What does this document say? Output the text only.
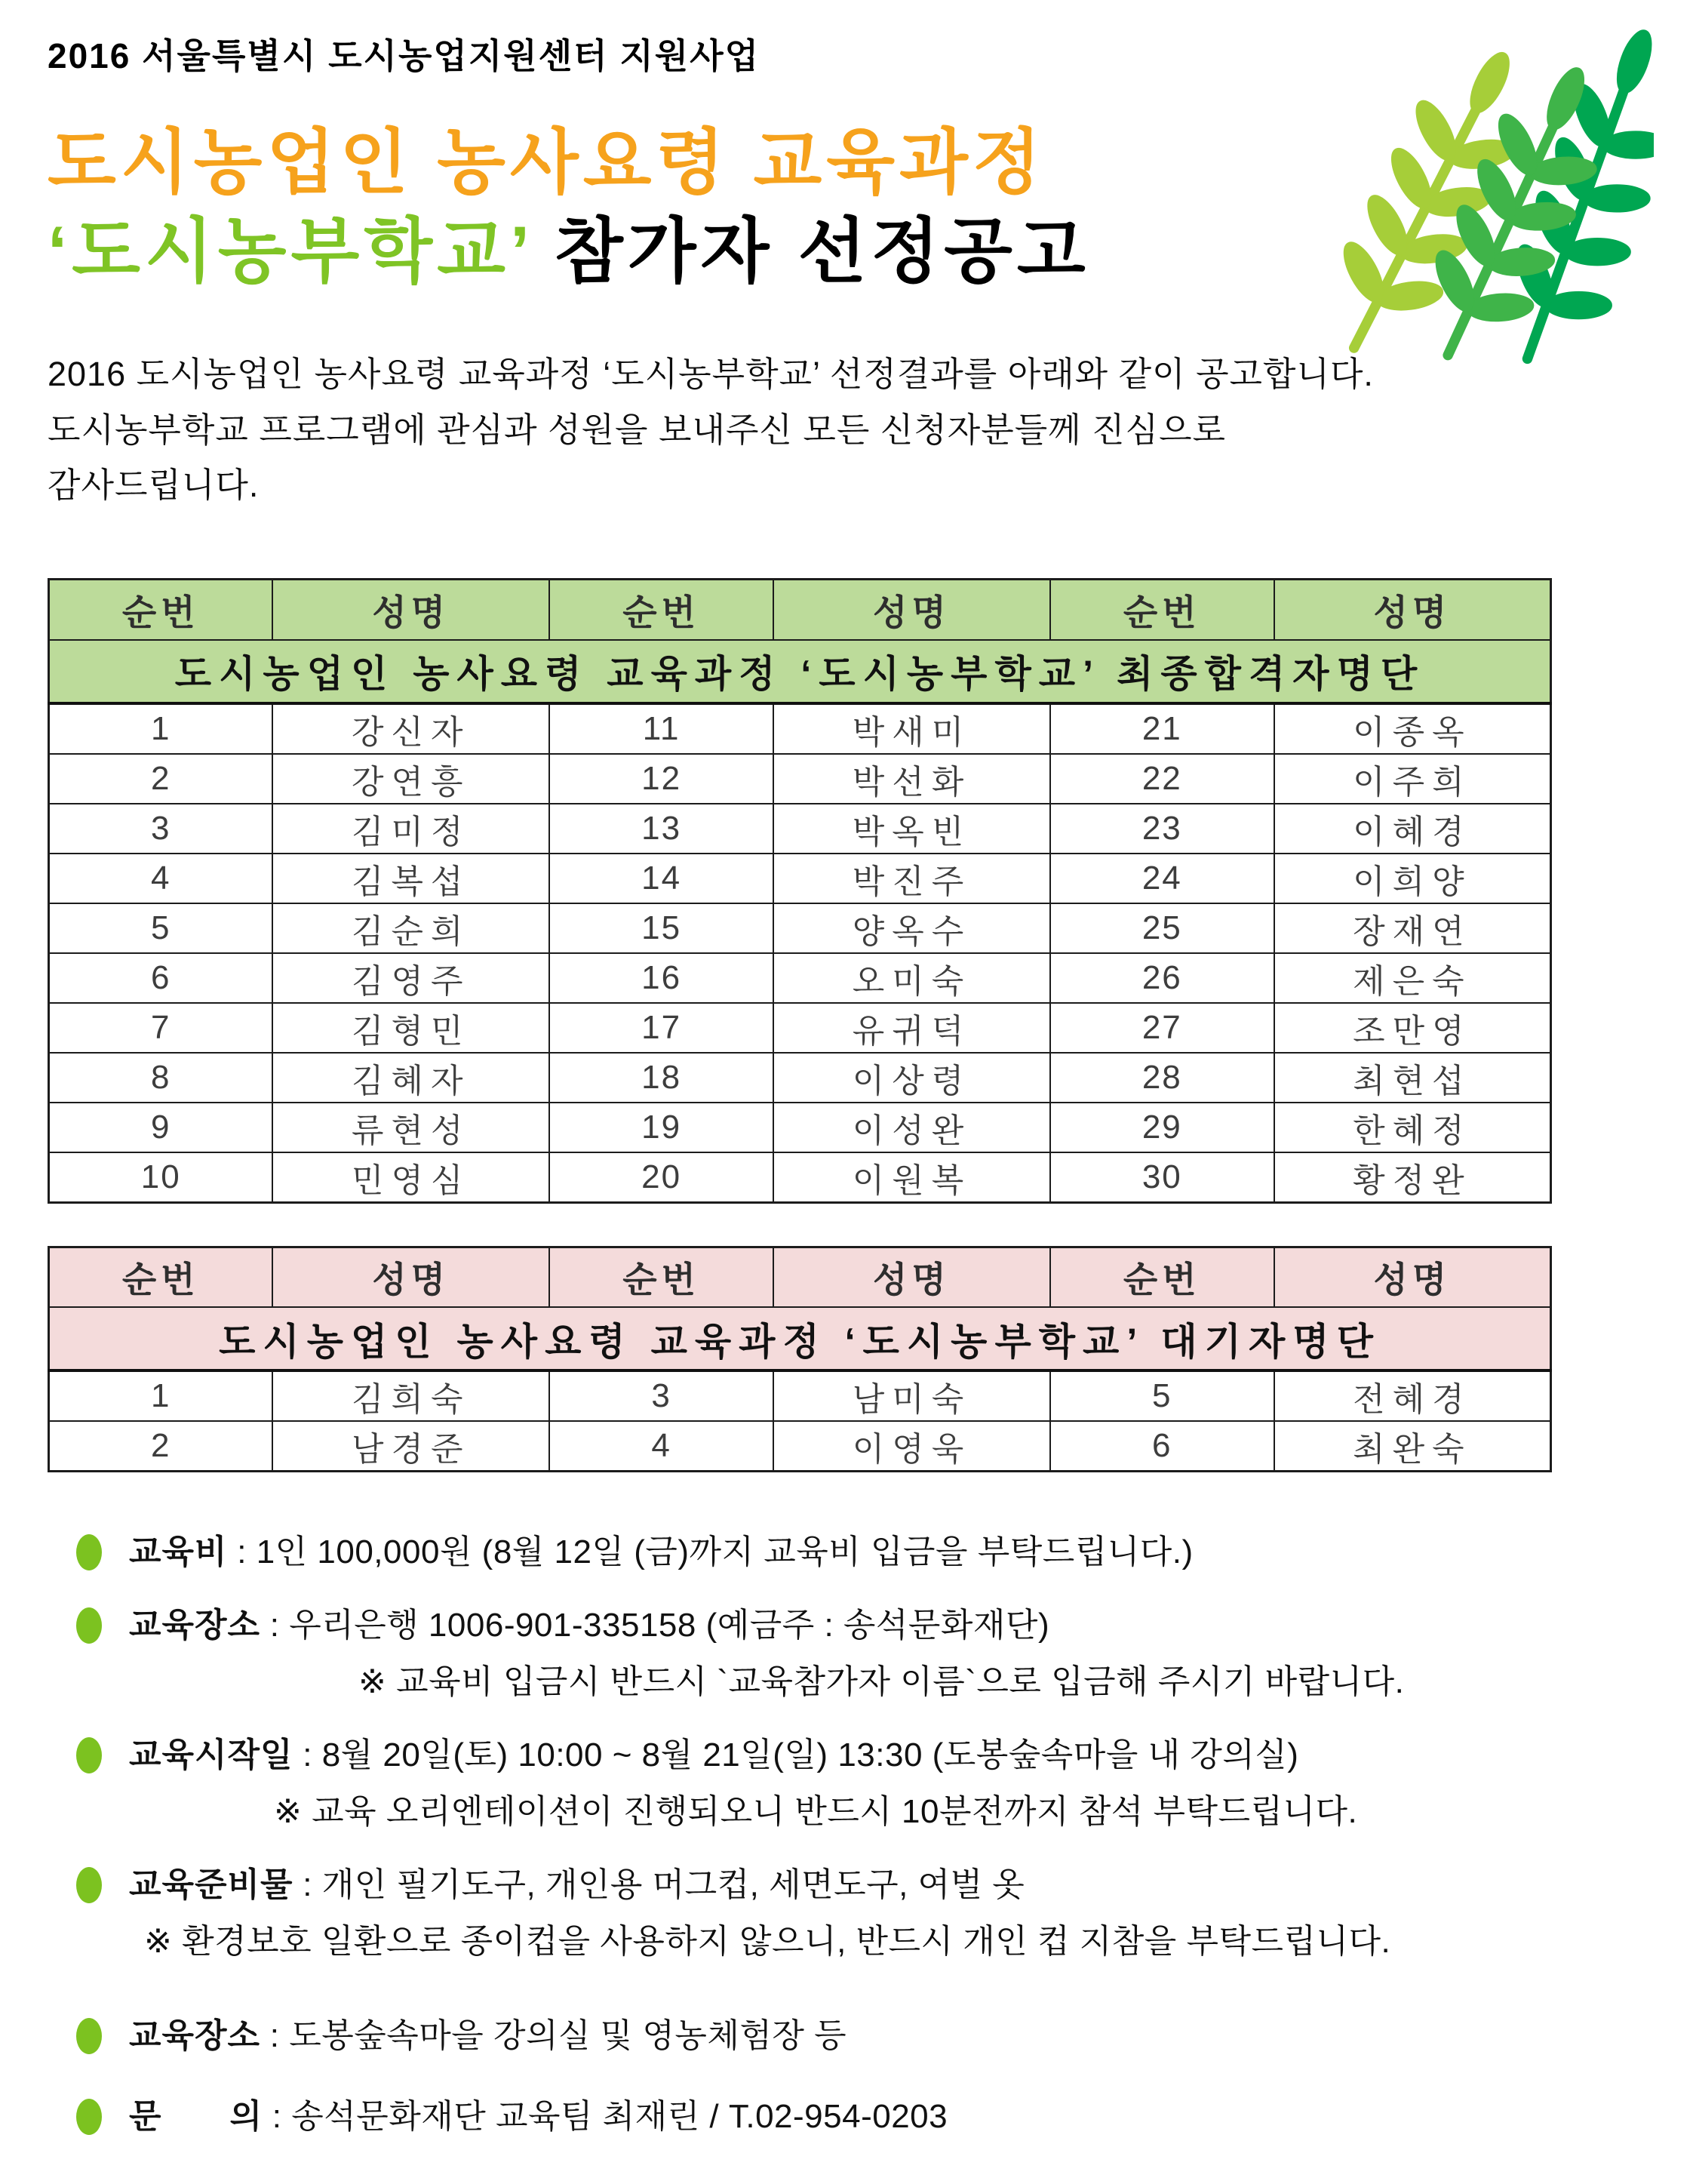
2016 서울특별시 도시농업지원센터 지원사업
도시농업인 농사요령 교육과정
‘도시농부학교’ 참가자 선정공고
2016 도시농업인 농사요령 교육과정 ‘도시농부학교’ 선정결과를 아래와 같이 공고합니다.
도시농부학교 프로그램에 관심과 성원을 보내주신 모든 신청자분들께 진심으로
감사드립니다.
도시농업인 농사요령 교육과정 ‘도시농부학교’ 최종합격자명단					
순번	성명	순번	성명	순번	성명
1	강신자	11	박새미	21	이종옥
2	강연흥	12	박선화	22	이주희
3	김미정	13	박옥빈	23	이혜경
4	김복섭	14	박진주	24	이희양
5	김순희	15	양옥수	25	장재연
6	김영주	16	오미숙	26	제은숙
7	김형민	17	유귀덕	27	조만영
8	김혜자	18	이상령	28	최현섭
9	류현성	19	이성완	29	한혜정
10	민영심	20	이원복	30	황정완
도시농업인 농사요령 교육과정 ‘도시농부학교’ 대기자명단					
순번	성명	순번	성명	순번	성명
1	김희숙	3	남미숙	5	전혜경
2	남경준	4	이영욱	6	최완숙

교육비 : 1인 100,000원 (8월 12일 (금)까지 교육비 입금을 부탁드립니다.)

교육장소 : 우리은행 1006-901-335158 (예금주 : 송석문화재단)

※ 교육비 입금시 반드시 `교육참가자 이름`으로 입금해 주시기 바랍니다.

교육시작일 : 8월 20일(토) 10:00 ~ 8월 21일(일) 13:30 (도봉숲속마을 내 강의실)

※ 교육 오리엔테이션이 진행되오니 반드시 10분전까지 참석 부탁드립니다.

교육준비물 : 개인 필기도구, 개인용 머그컵, 세면도구, 여벌 옷

※ 환경보호 일환으로 종이컵을 사용하지 않으니, 반드시 개인 컵 지참을 부탁드립니다.

교육장소 : 도봉숲속마을 강의실 및 영농체험장 등

문　　의 : 송석문화재단 교육팀 최재린 / T.02-954-0203
